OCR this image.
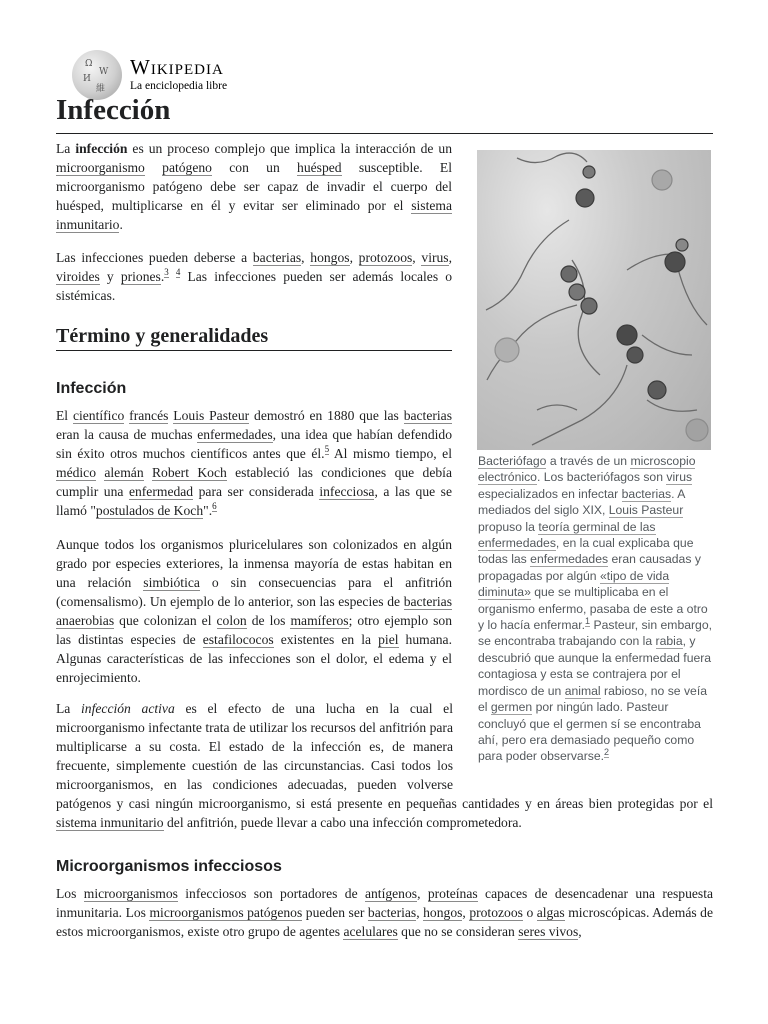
Ω
W
И
維
Wikipedia
La enciclopedia libre
Infección
La infección es un proceso complejo que implica la interacción de un microorganismo patógeno con un huésped susceptible. El microorganismo patógeno debe ser capaz de invadir el cuerpo del huésped, multiplicarse en él y evitar ser eliminado por el sistema inmunitario.
Las infecciones pueden deberse a bacterias, hongos, protozoos, virus, viroides y priones.$^3$ $^4$ Las infecciones pueden ser además locales o sistémicas.
Término y generalidades
Infección
Bacteriófago a través de un microscopio electrónico. Los bacteriófagos son virus especializados en infectar bacterias. A mediados del siglo XIX, Louis Pasteur propuso la teoría germinal de las enfermedades, en la cual explicaba que todas las enfermedades eran causadas y propagadas por algún «tipo de vida diminuta» que se multiplicaba en el organismo enfermo, pasaba de este a otro y lo hacía enfermar.$^1$ Pasteur, sin embargo, se encontraba trabajando con la rabia, y descubrió que aunque la enfermedad fuera contagiosa y esta se contrajera por el mordisco de un animal rabioso, no se veía el germen por ningún lado. Pasteur concluyó que el germen sí se encontraba ahí, pero era demasiado pequeño como para poder observarse.$^2$
El científico francés Louis Pasteur demostró en 1880 que las bacterias eran la causa de muchas enfermedades, una idea que habían defendido sin éxito otros muchos científicos antes que él.$^5$ Al mismo tiempo, el médico alemán Robert Koch estableció las condiciones que debía cumplir una enfermedad para ser considerada infecciosa, a las que se llamó "postulados de Koch".$^6$
Aunque todos los organismos pluricelulares son colonizados en algún grado por especies exteriores, la inmensa mayoría de estas habitan en una relación simbiótica o sin consecuencias para el anfitrión (comensalismo). Un ejemplo de lo anterior, son las especies de bacterias anaerobias que colonizan el colon de los mamíferos; otro ejemplo son las distintas especies de estafilococos existentes en la piel humana. Algunas características de las infecciones son el dolor, el edema y el enrojecimiento.
La infección activa es el efecto de una lucha en la cual el microorganismo infectante trata de utilizar los recursos del anfitrión para multiplicarse a su costa. El estado de la infección es, de manera frecuente, simplemente cuestión de las circunstancias. Casi todos los microorganismos, en las condiciones adecuadas, pueden volverse patógenos y casi ningún microorganismo, si está presente en pequeñas cantidades y en áreas bien protegidas por el sistema inmunitario del anfitrión, puede llevar a cabo una infección comprometedora.
Microorganismos infecciosos
Los microorganismos infecciosos son portadores de antígenos, proteínas capaces de desencadenar una respuesta inmunitaria. Los microorganismos patógenos pueden ser bacterias, hongos, protozoos o algas microscópicas. Además de estos microorganismos, existe otro grupo de agentes acelulares que no se consideran seres vivos,
